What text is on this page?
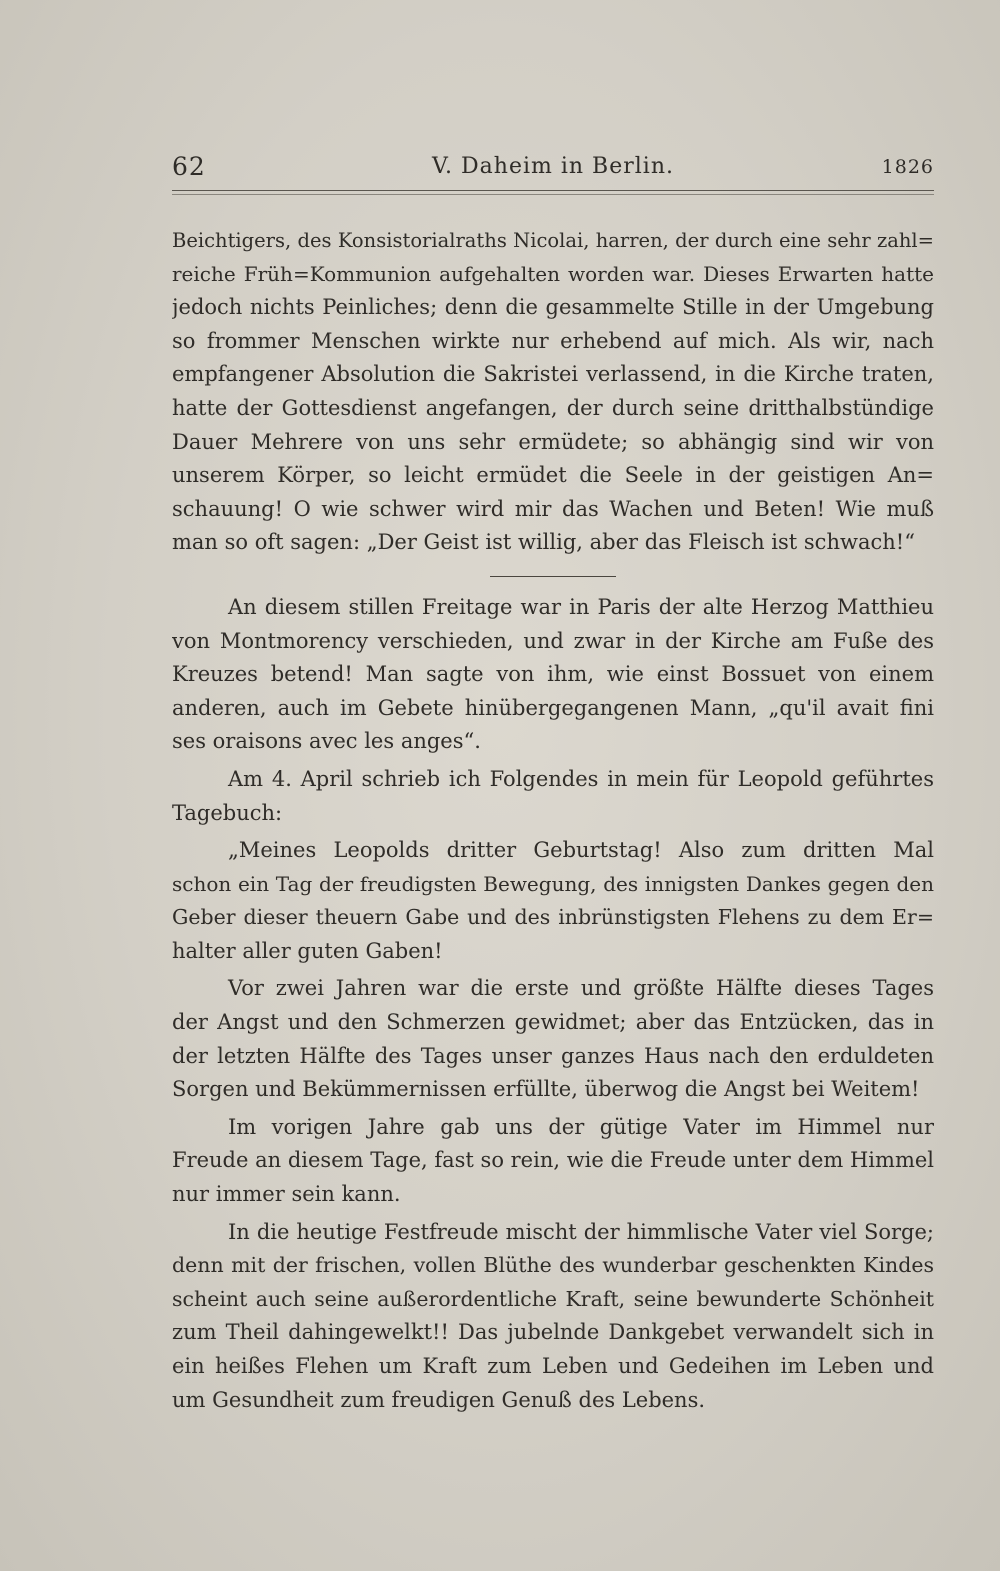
62	V. Daheim in Berlin.	1826
Beichtigers, des Konsistorialraths Nicolai, harren, der durch eine sehr zahl=
reiche Früh=Kommunion aufgehalten worden war. Dieses Erwarten hatte
jedoch nichts Peinliches; denn die gesammelte Stille in der Umgebung
so frommer Menschen wirkte nur erhebend auf mich. Als wir, nach
empfangener Absolution die Sakristei verlassend, in die Kirche traten,
hatte der Gottesdienst angefangen, der durch seine dritthalbstündige
Dauer Mehrere von uns sehr ermüdete; so abhängig sind wir von
unserem Körper, so leicht ermüdet die Seele in der geistigen An=
schauung! O wie schwer wird mir das Wachen und Beten! Wie muß
man so oft sagen: „Der Geist ist willig, aber das Fleisch ist schwach!“
An diesem stillen Freitage war in Paris der alte Herzog Matthieu
von Montmorency verschieden, und zwar in der Kirche am Fuße des
Kreuzes betend! Man sagte von ihm, wie einst Bossuet von einem
anderen, auch im Gebete hinübergegangenen Mann, „qu'il avait fini
ses oraisons avec les anges“.
Am 4. April schrieb ich Folgendes in mein für Leopold geführtes
Tagebuch:
„Meines Leopolds dritter Geburtstag! Also zum dritten Mal
schon ein Tag der freudigsten Bewegung, des innigsten Dankes gegen den
Geber dieser theuern Gabe und des inbrünstigsten Flehens zu dem Er=
halter aller guten Gaben!
Vor zwei Jahren war die erste und größte Hälfte dieses Tages
der Angst und den Schmerzen gewidmet; aber das Entzücken, das in
der letzten Hälfte des Tages unser ganzes Haus nach den erduldeten
Sorgen und Bekümmernissen erfüllte, überwog die Angst bei Weitem!
Im vorigen Jahre gab uns der gütige Vater im Himmel nur
Freude an diesem Tage, fast so rein, wie die Freude unter dem Himmel
nur immer sein kann.
In die heutige Festfreude mischt der himmlische Vater viel Sorge;
denn mit der frischen, vollen Blüthe des wunderbar geschenkten Kindes
scheint auch seine außerordentliche Kraft, seine bewunderte Schönheit
zum Theil dahingewelkt!! Das jubelnde Dankgebet verwandelt sich in
ein heißes Flehen um Kraft zum Leben und Gedeihen im Leben und
um Gesundheit zum freudigen Genuß des Lebens.
